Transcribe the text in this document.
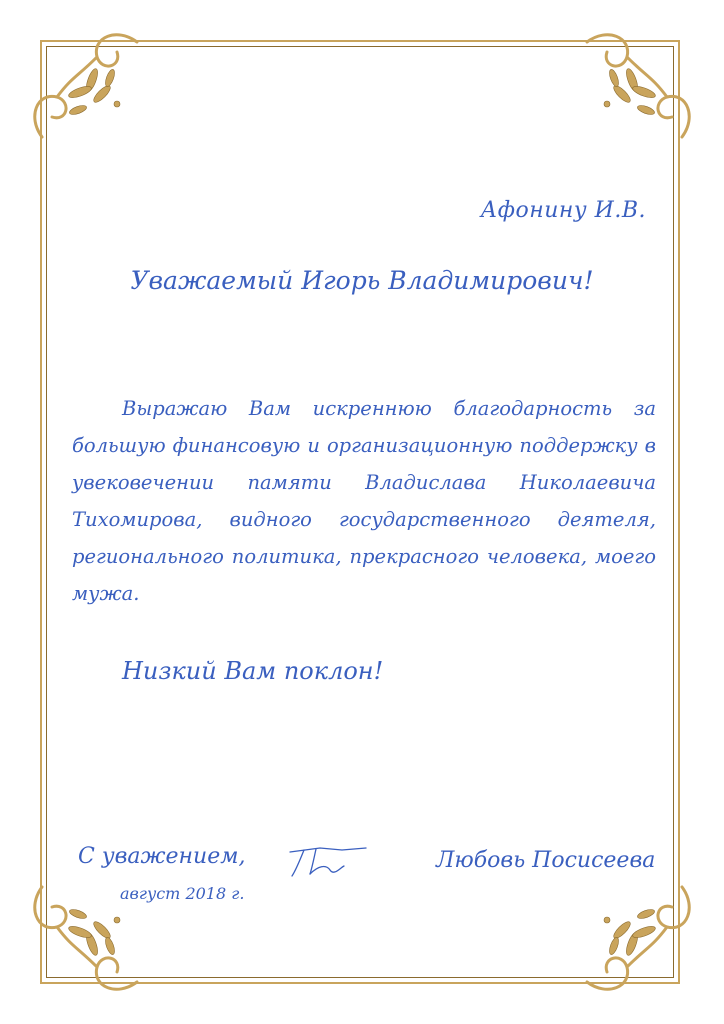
Афонину И.В.
Уважаемый Игорь Владимирович!
Выражаю Вам искреннюю благодарность за большую финансовую и организационную поддержку в увековечении памяти Владислава Николаевича Тихомирова, видного государственного деятеля, регионального политика, прекрасного человека, моего мужа.
Низкий Вам поклон!
С уважением,
август 2018 г.
Любовь Посисеева
